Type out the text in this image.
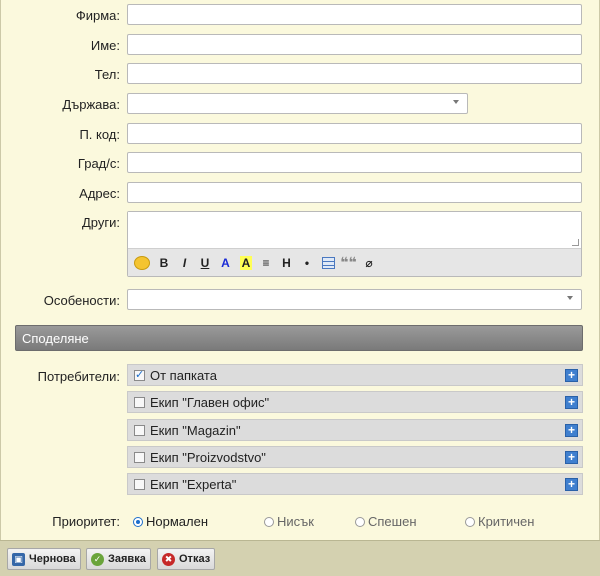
Фирма:
Име:
Тел:
Държава:
П. код:
Град/с:
Адрес:
Други:
B	I	U A A	≡	H	•	❝❝ ⌀
Особености:
Споделяне
Потребители:
✓ От папката	+
Екип "Главен офис"	+
Екип "Magazin"	+
Екип "Proizvodstvo"	+
Екип "Experta"	+
Приоритет: Нормален	Нисък	Спешен	Критичен
▣ Чернова	✓ Заявка	✖ Отказ
